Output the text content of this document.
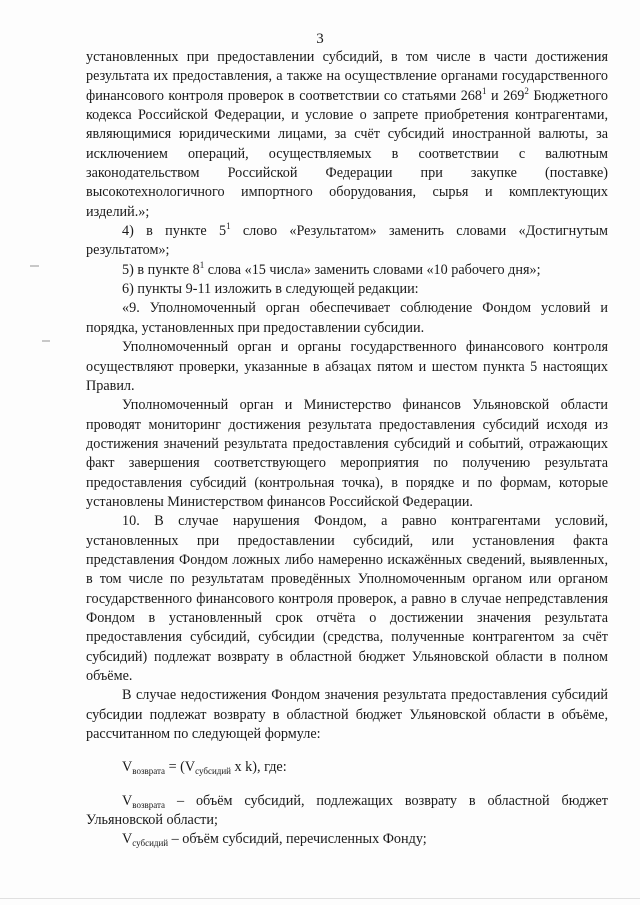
3

установленных при предоставлении субсидий, в том числе в части достижения результата их предоставления, а также на осуществление органами государственного финансового контроля проверок в соответствии со статьями $268^1$ и $269^2$ Бюджетного кодекса Российской Федерации, и условие о запрете приобретения контрагентами, являющимися юридическими лицами, за счёт субсидий иностранной валюты, за исключением операций, осуществляемых в соответствии с валютным законодательством Российской Федерации при закупке (поставке) высокотехнологичного импортного оборудования, сырья и комплектующих изделий.»;

4) в пункте $5^1$ слово «Результатом» заменить словами «Достигнутым результатом»;

5) в пункте $8^1$ слова «15 числа» заменить словами «10 рабочего дня»;

6) пункты 9-11 изложить в следующей редакции:

«9. Уполномоченный орган обеспечивает соблюдение Фондом условий и порядка, установленных при предоставлении субсидии.

Уполномоченный орган и органы государственного финансового контроля осуществляют проверки, указанные в абзацах пятом и шестом пункта 5 настоящих Правил.

Уполномоченный орган и Министерство финансов Ульяновской области проводят мониторинг достижения результата предоставления субсидий исходя из достижения значений результата предоставления субсидий и событий, отражающих факт завершения соответствующего мероприятия по получению результата предоставления субсидий (контрольная точка), в порядке и по формам, которые установлены Министерством финансов Российской Федерации.

10. В случае нарушения Фондом, а равно контрагентами условий, установленных при предоставлении субсидий, или установления факта представления Фондом ложных либо намеренно искажённых сведений, выявленных, в том числе по результатам проведённых Уполномоченным органом или органом государственного финансового контроля проверок, а равно в случае непредставления Фондом в установленный срок отчёта о достижении значения результата предоставления субсидий, субсидии (средства, полученные контрагентом за счёт субсидий) подлежат возврату в областной бюджет Ульяновской области в полном объёме.

В случае недостижения Фондом значения результата предоставления субсидий субсидии подлежат возврату в областной бюджет Ульяновской области в объёме, рассчитанном по следующей формуле:

$V_{возврата} = (V_{субсидий}$ x k), где:

$V_{возврата}$ – объём субсидий, подлежащих возврату в областной бюджет Ульяновской области;

$V_{субсидий}$ – объём субсидий, перечисленных Фонду;
